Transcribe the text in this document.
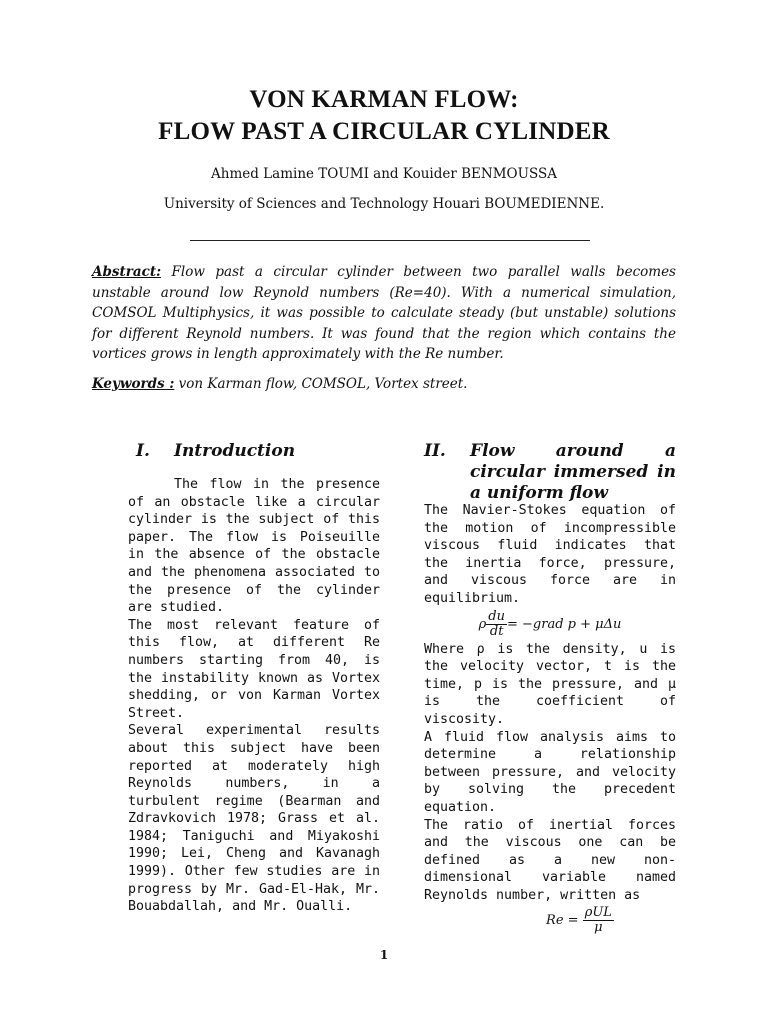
VON KARMAN FLOW:
FLOW PAST A CIRCULAR CYLINDER
Ahmed Lamine TOUMI and Kouider BENMOUSSA
University of Sciences and Technology Houari BOUMEDIENNE.
Abstract: Flow past a circular cylinder between two parallel walls becomes unstable around low Reynold numbers (Re=40). With a numerical simulation, COMSOL Multiphysics, it was possible to calculate steady (but unstable) solutions for different Reynold numbers. It was found that the region which contains the vortices grows in length approximately with the Re number.
Keywords : von Karman flow, COMSOL, Vortex street.
I. Introduction

The flow in the presence of an obstacle like a circular cylinder is the subject of this paper. The flow is Poiseuille in the absence of the obstacle and the phenomena associated to the presence of the cylinder are studied.

The most relevant feature of this flow, at different Re numbers starting from 40, is the instability known as Vortex shedding, or von Karman Vortex Street.

Several experimental results about this subject have been reported at moderately high Reynolds numbers, in a turbulent regime (Bearman and Zdravkovich 1978; Grass et al. 1984; Taniguchi and Miyakoshi 1990; Lei, Cheng and Kavanagh 1999). Other few studies are in progress by Mr. Gad-El-Hak, Mr. Bouabdallah, and Mr. Oualli.

II. Flow around a
circular immersed in
a uniform flow

The Navier-Stokes equation of the motion of incompressible viscous fluid indicates that the inertia force, pressure, and viscous force are in equilibrium.

ρ $\frac{du}{dt}$ = −grad p + μΔu

Where ρ is the density, u is the velocity vector, t is the time, p is the pressure, and μ is the coefficient of viscosity.

A fluid flow analysis aims to determine a relationship between pressure, and velocity by solving the precedent equation.

The ratio of inertial forces and the viscous one can be defined as a new non-dimensional variable named Reynolds number, written as

$Re = \frac{\text{ρUL}}{\mu}$
1
